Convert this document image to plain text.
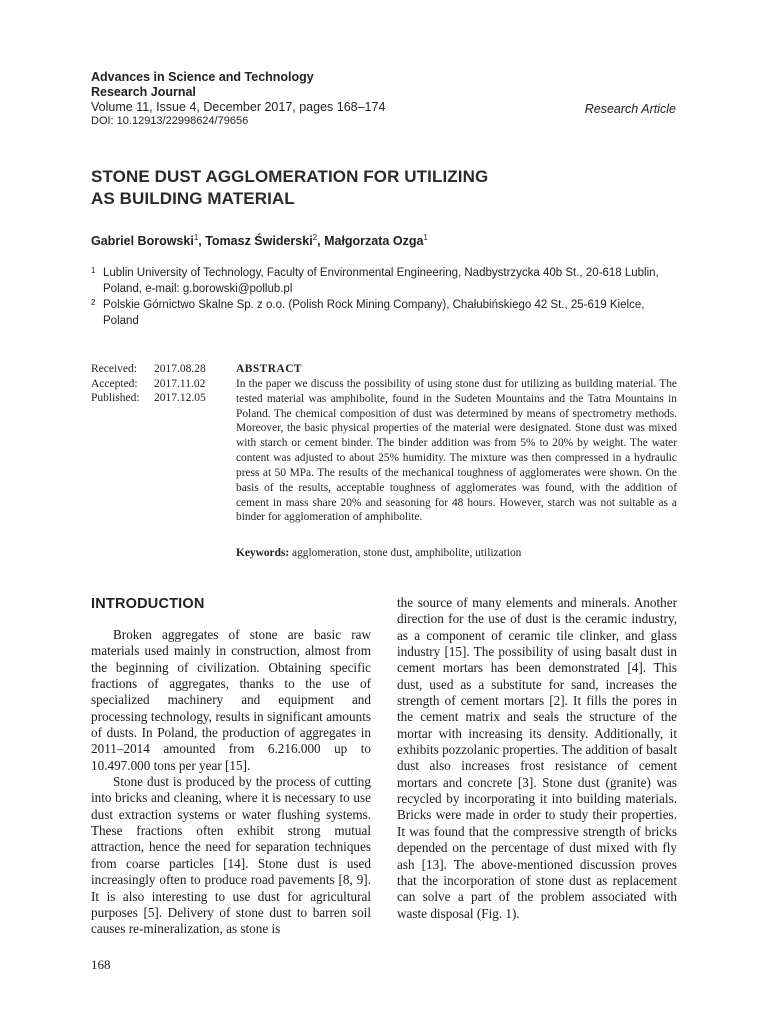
Advances in Science and Technology
Research Journal
Volume 11, Issue 4, December 2017, pages 168–174
DOI: 10.12913/22998624/79656
Research Article
STONE DUST AGGLOMERATION FOR UTILIZING
AS BUILDING MATERIAL
Gabriel Borowski$^1$, Tomasz Świderski$^2$, Małgorzata Ozga$^1$
1 Lublin University of Technology, Faculty of Environmental Engineering, Nadbystrzycka 40b St., 20-618 Lublin, Poland, e-mail: g.borowski@pollub.pl
2 Polskie Górnictwo Skalne Sp. z o.o. (Polish Rock Mining Company), Chałubińskiego 42 St., 25-619 Kielce, Poland
Received:	2017.08.28
Accepted:	2017.11.02
Published:	2017.12.05
ABSTRACT
In the paper we discuss the possibility of using stone dust for utilizing as building material. The tested material was amphibolite, found in the Sudeten Mountains and the Tatra Mountains in Poland. The chemical composition of dust was determined by means of spectrometry methods. Moreover, the basic physical properties of the material were designated. Stone dust was mixed with starch or cement binder. The binder addition was from 5% to 20% by weight. The water content was adjusted to about 25% humidity. The mixture was then compressed in a hydraulic press at 50 MPa. The results of the mechanical toughness of agglomerates were shown. On the basis of the results, acceptable toughness of agglomerates was found, with the addition of cement in mass share 20% and seasoning for 48 hours. However, starch was not suitable as a binder for agglomeration of amphibolite.
Keywords: agglomeration, stone dust, amphibolite, utilization
INTRODUCTION

Broken aggregates of stone are basic raw materials used mainly in construction, almost from the beginning of civilization. Obtaining specific fractions of aggregates, thanks to the use of specialized machinery and equipment and processing technology, results in significant amounts of dusts. In Poland, the production of aggregates in 2011–2014 amounted from 6.216.000 up to 10.497.000 tons per year [15].

Stone dust is produced by the process of cutting into bricks and cleaning, where it is necessary to use dust extraction systems or water flushing systems. These fractions often exhibit strong mutual attraction, hence the need for separation techniques from coarse particles [14]. Stone dust is used increasingly often to produce road pavements [8, 9]. It is also interesting to use dust for agricultural purposes [5]. Delivery of stone dust to barren soil causes re-mineralization, as stone is

the source of many elements and minerals. Another direction for the use of dust is the ceramic industry, as a component of ceramic tile clinker, and glass industry [15]. The possibility of using basalt dust in cement mortars has been demonstrated [4]. This dust, used as a substitute for sand, increases the strength of cement mortars [2]. It fills the pores in the cement matrix and seals the structure of the mortar with increasing its density. Additionally, it exhibits pozzolanic properties. The addition of basalt dust also increases frost resistance of cement mortars and concrete [3]. Stone dust (granite) was recycled by incorporating it into building materials. Bricks were made in order to study their properties. It was found that the compressive strength of bricks depended on the percentage of dust mixed with fly ash [13]. The above-mentioned discussion proves that the incorporation of stone dust as replacement can solve a part of the problem associated with waste disposal (Fig. 1).

168
